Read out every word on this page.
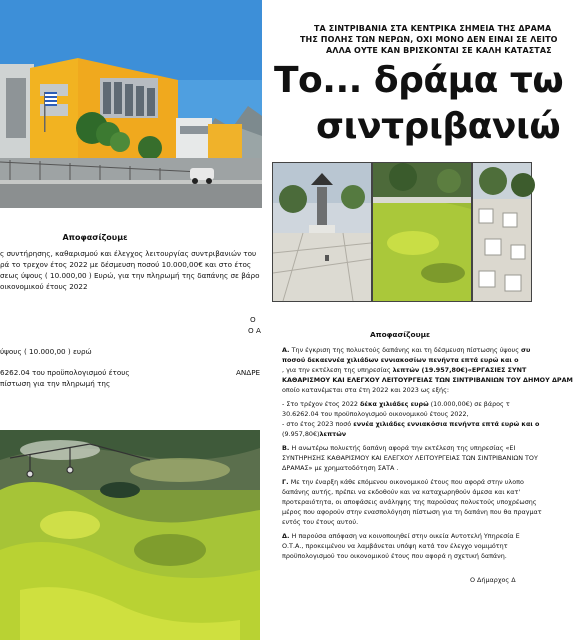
Αποφασίζουμε
ς συντήρησης, καθαρισμού και έλεγχος λειτουργίας συντριβανιών του
ρά το τρεχον έτος 2022 με δέσμευση ποσού 10.000,00€ και στο έτος
σεως ύψους ( 10.000,00 ) Ευρώ, για την πληρωμή της δαπάνης σε βάρο
οικονομικού έτους 2022
O
O A
ύψους ( 10.000,00 ) ευρώ
6262.04 του προϋπολογισμού έτους	ΑΝΔΡΕ
πίστωση για την πληρωμή της
ΤΑ ΣΙΝΤΡΙΒΑΝΙΑ ΣΤΑ ΚΕΝΤΡΙΚΑ ΣΗΜΕΙΑ ΤΗΣ ΔΡΑΜΑ
ΤΗΣ ΠΟΛΗΣ ΤΩΝ ΝΕΡΩΝ, ΟΧΙ ΜΟΝΟ ΔΕΝ ΕΙΝΑΙ ΣΕ ΛΕΙΤΟ
ΑΛΛΑ ΟΥΤΕ ΚΑΝ ΒΡΙΣΚΟΝΤΑΙ ΣΕ ΚΑΛΗ ΚΑΤΑΣΤΑΣ
Το... δράμα τω
σιντριβανιώ
Αποφασίζουμε
Α. Την έγκριση της πολυετούς δαπάνης και τη δέσμευση πίστωσης ύψους συ
ποσού δεκαεννέα χιλιάδων εννιακοσίων πενήντα επτά ευρώ και ο
, για την εκτέλεση της υπηρεσίας λεπτών (19.957,80€)«ΕΡΓΑΣΙΕΣ ΣΥΝΤ
ΚΑΘΑΡΙΣΜΟΥ ΚΑΙ ΕΛΕΓΧΟΥ ΛΕΙΤΟΥΡΓΕΙΑΣ ΤΩΝ ΣΙΝΤΡΙΒΑΝΙΩΝ ΤΟΥ ΔΗΜΟΥ ΔΡΑΜ
οποίο κατανέμεται στα έτη 2022 και 2023 ως εξής:
- Στο τρέχον έτος 2022 δέκα χιλιάδες ευρώ (10.000,00€) σε βάρος τ
30.6262.04 του προϋπολογισμού οικονομικού έτους 2022,
- στο έτος 2023 ποσό εννέα χιλιάδες εννιακόσια πενήντα επτά ευρώ και ο
(9.957,80€)λεπτών
Β. Η ανωτέρω πολυετής δαπάνη αφορά την εκτέλεση της υπηρεσίας «ΕΙ
ΣΥΝΤΗΡΗΣΗΣ ΚΑΘΑΡΙΣΜΟΥ ΚΑΙ ΕΛΕΓΧΟΥ ΛΕΙΤΟΥΡΓΕΙΑΣ ΤΩΝ ΣΙΝΤΡΙΒΑΝΙΩΝ ΤΟΥ
ΔΡΑΜΑΣ» με χρηματοδότηση ΣΑΤΑ .
Γ. Με την έναρξη κάθε επόμενου οικονομικού έτους που αφορά στην υλοπο
δαπάνης αυτής, πρέπει να εκδοθούν και να καταχωρηθούν άμεσα και κατ'
προτεραιότητα, οι αποφάσεις ανάληψης της παρούσας πολυετούς υποχρέωσης
μέρος που αφορούν στην ενασπολόγηση πίστωση για τη δαπάνη που θα πραγματ
εντός του έτους αυτού.
Δ. Η παρούσα απόφαση να κοινοποιηθεί στην οικεία Αυτοτελή Υπηρεσία Ε
Ο.Τ.Α., προκειμένου να λαμβάνεται υπόψη κατά τον έλεγχο νομιμότητ
προϋπολογισμού του οικονομικού έτους που αφορά η σχετική δαπάνη.
Ο Δήμαρχος Δ
